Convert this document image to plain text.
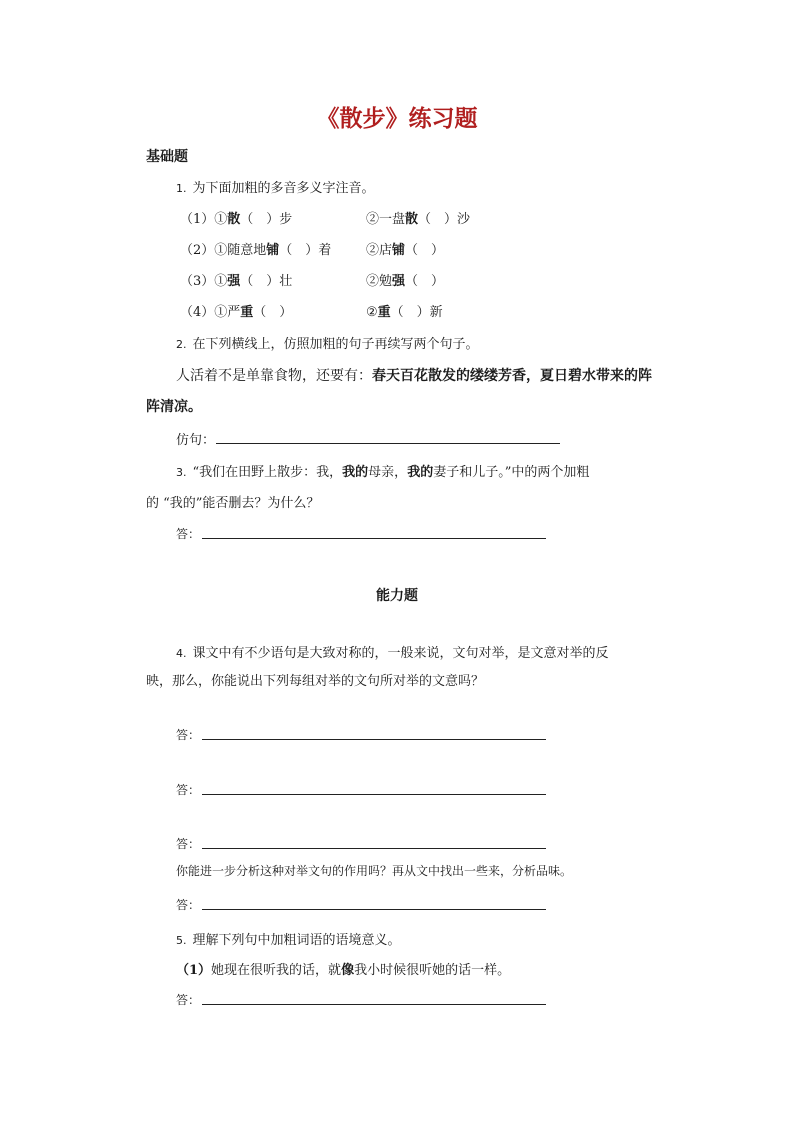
《散步》练习题
基础题
1. 为下面加粗的多音多义字注音。
（1）①散（　）步	②一盘散（　）沙
（2）①随意地铺（　）着	②店铺（　）
（3）①强（　）壮	②勉强（　）
（4）①严重（　）	②重（　）新
2. 在下列横线上，仿照加粗的句子再续写两个句子。
人活着不是单靠食物，还要有：春天百花散发的缕缕芳香，夏日碧水带来的阵
阵清凉。
仿句：
3. “我们在田野上散步：我，我的母亲，我的妻子和儿子。”中的两个加粗
的 “我的”能否删去？为什么？
答：
能力题
4. 课文中有不少语句是大致对称的，一般来说，文句对举，是文意对举的反
映，那么，你能说出下列每组对举的文句所对举的文意吗？
答：
答：
答：
你能进一步分析这种对举文句的作用吗？再从文中找出一些来，分析品味。
答：
5. 理解下列句中加粗词语的语境意义。
（1）她现在很听我的话，就像我小时候很听她的话一样。
答：
